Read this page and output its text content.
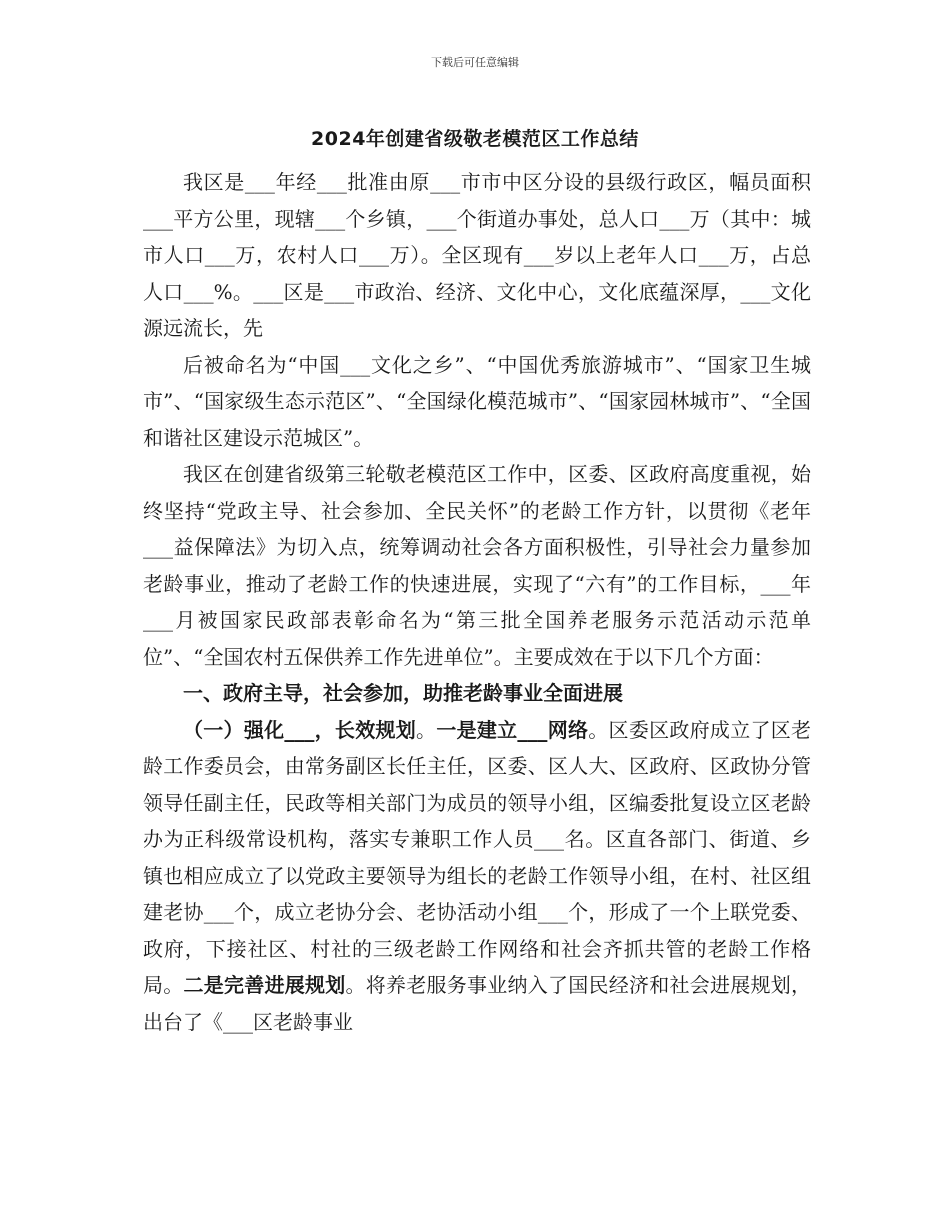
下载后可任意编辑
2024年创建省级敬老模范区工作总结

我区是___年经___批准由原___市市中区分设的县级行政区，幅员面积___平方公里，现辖___个乡镇，___个街道办事处，总人口___万（其中：城市人口___万，农村人口___万）。全区现有___岁以上老年人口___万，占总人口___%。___区是___市政治、经济、文化中心，文化底蕴深厚，___文化源远流长，先

后被命名为“中国___文化之乡”、“中国优秀旅游城市”、“国家卫生城市”、“国家级生态示范区”、“全国绿化模范城市”、“国家园林城市”、“全国和谐社区建设示范城区”。

我区在创建省级第三轮敬老模范区工作中，区委、区政府高度重视，始终坚持“党政主导、社会参加、全民关怀”的老龄工作方针，以贯彻《老年___益保障法》为切入点，统筹调动社会各方面积极性，引导社会力量参加老龄事业，推动了老龄工作的快速进展，实现了“六有”的工作目标，___年___月被国家民政部表彰命名为“第三批全国养老服务示范活动示范单位”、“全国农村五保供养工作先进单位”。主要成效在于以下几个方面：

一、政府主导，社会参加，助推老龄事业全面进展

（一）强化___，长效规划。一是建立___网络。区委区政府成立了区老龄工作委员会，由常务副区长任主任，区委、区人大、区政府、区政协分管领导任副主任，民政等相关部门为成员的领导小组，区编委批复设立区老龄办为正科级常设机构，落实专兼职工作人员___名。区直各部门、街道、乡镇也相应成立了以党政主要领导为组长的老龄工作领导小组，在村、社区组建老协___个，成立老协分会、老协活动小组___个，形成了一个上联党委、政府，下接社区、村社的三级老龄工作网络和社会齐抓共管的老龄工作格局。二是完善进展规划。将养老服务事业纳入了国民经济和社会进展规划，出台了《___区老龄事业
